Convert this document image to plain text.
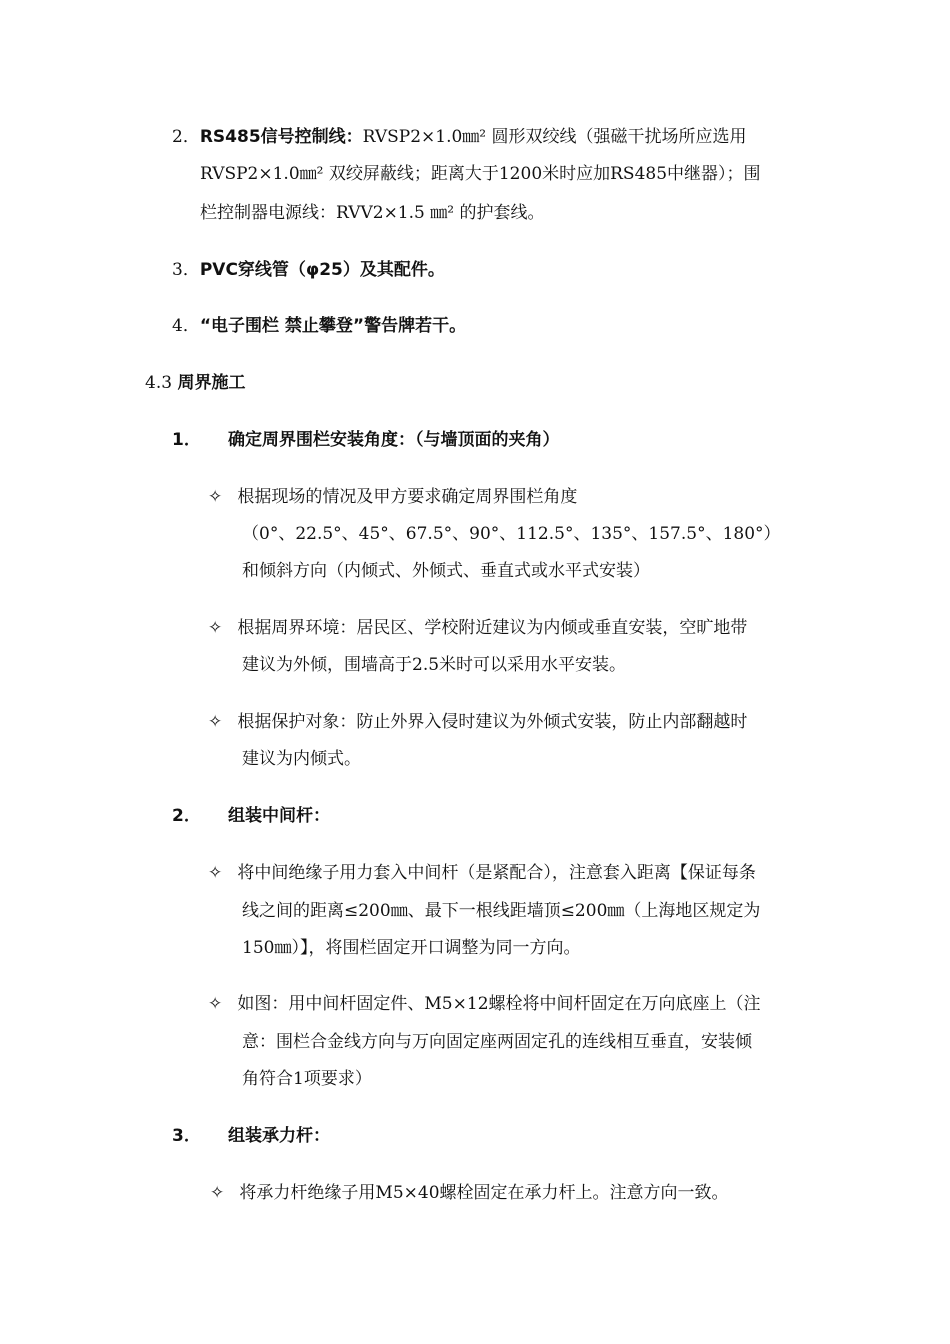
2．RS485信号控制线：RVSP2×1.0㎜² 圆形双绞线（强磁干扰场所应选用
RVSP2×1.0㎜² 双绞屏蔽线；距离大于1200米时应加RS485中继器）；围
栏控制器电源线：RVV2×1.5 ㎜² 的护套线。
3．PVC穿线管（φ25）及其配件。
4．“电子围栏 禁止攀登”警告牌若干。
4.3 周界施工
1． 确定周界围栏安装角度：（与墙顶面的夹角）
✧ 根据现场的情况及甲方要求确定周界围栏角度
（0°、22.5°、45°、67.5°、90°、112.5°、135°、157.5°、180°）
和倾斜方向（内倾式、外倾式、垂直式或水平式安装）
✧ 根据周界环境：居民区、学校附近建议为内倾或垂直安装，空旷地带
建议为外倾，围墙高于2.5米时可以采用水平安装。
✧ 根据保护对象：防止外界入侵时建议为外倾式安装，防止内部翻越时
建议为内倾式。
2． 组装中间杆：
✧ 将中间绝缘子用力套入中间杆（是紧配合），注意套入距离【保证每条
线之间的距离≤200㎜、最下一根线距墙顶≤200㎜（上海地区规定为
150㎜）】，将围栏固定开口调整为同一方向。
✧ 如图：用中间杆固定件、M5×12螺栓将中间杆固定在万向底座上（注
意：围栏合金线方向与万向固定座两固定孔的连线相互垂直，安装倾
角符合1项要求）
3． 组装承力杆：
✧ 将承力杆绝缘子用M5×40螺栓固定在承力杆上。注意方向一致。
